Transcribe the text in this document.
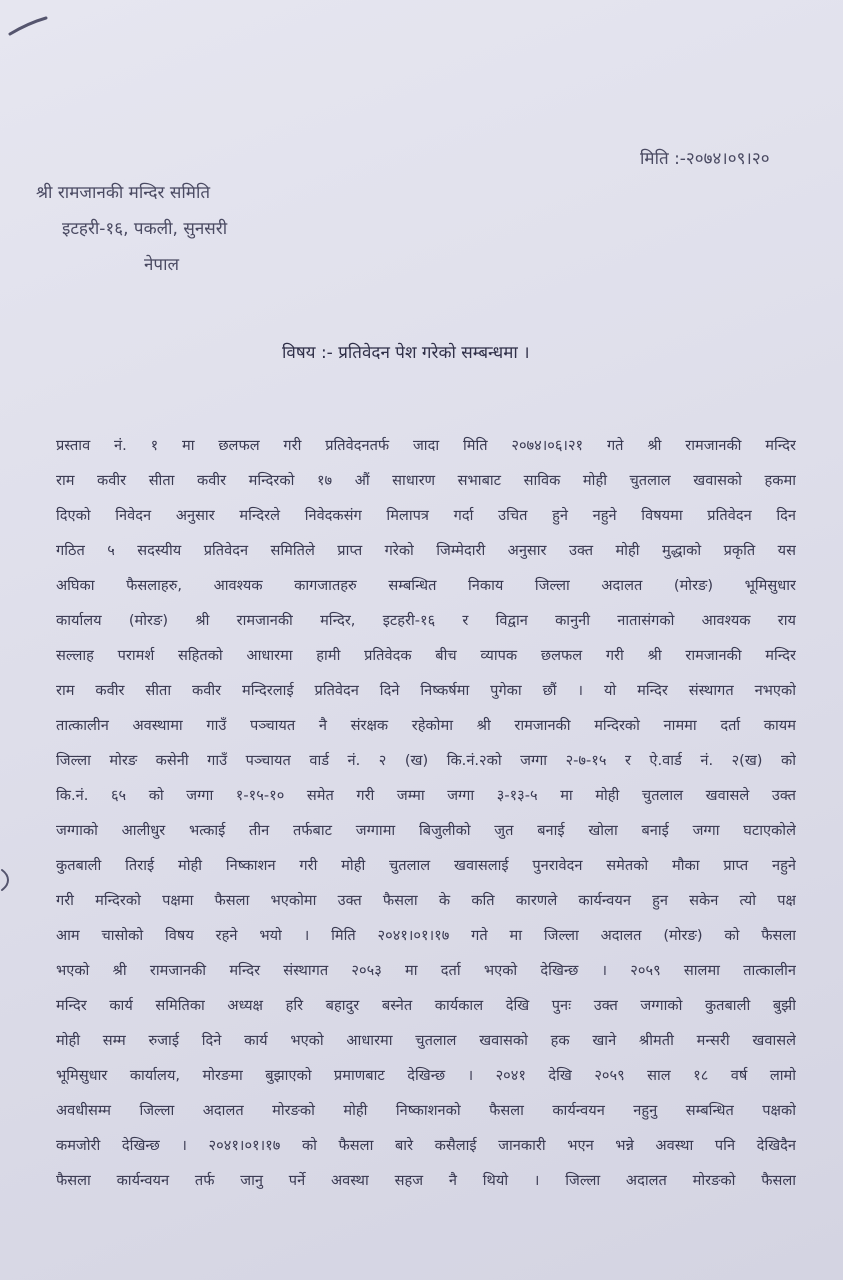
मिति :-२०७४।०९।२०
श्री रामजानकी मन्दिर समिति
इटहरी-१६, पकली, सुनसरी
नेपाल
विषय :- प्रतिवेदन पेश गरेको सम्बन्धमा ।
प्रस्ताव नं. १ मा छलफल गरी प्रतिवेदनतर्फ जादा मिति २०७४।०६।२१ गते श्री रामजानकी मन्दिर
राम कवीर सीता कवीर मन्दिरको १७ औं साधारण सभाबाट साविक मोही चुतलाल खवासको हकमा
दिएको निवेदन अनुसार मन्दिरले निवेदकसंग मिलापत्र गर्दा उचित हुने नहुने विषयमा प्रतिवेदन दिन
गठित ५ सदस्यीय प्रतिवेदन समितिले प्राप्त गरेको जिम्मेदारी अनुसार उक्त मोही मुद्धाको प्रकृति यस
अघिका फैसलाहरु, आवश्यक कागजातहरु सम्बन्धित निकाय जिल्ला अदालत (मोरङ) भूमिसुधार
कार्यालय (मोरङ) श्री रामजानकी मन्दिर, इटहरी-१६ र विद्वान कानुनी नातासंगको आवश्यक राय
सल्लाह परामर्श सहितको आधारमा हामी प्रतिवेदक बीच व्यापक छलफल गरी श्री रामजानकी मन्दिर
राम कवीर सीता कवीर मन्दिरलाई प्रतिवेदन दिने निष्कर्षमा पुगेका छौं । यो मन्दिर संस्थागत नभएको
तात्कालीन अवस्थामा गाउँ पञ्चायत नै संरक्षक रहेकोमा श्री रामजानकी मन्दिरको नाममा दर्ता कायम
जिल्ला मोरङ कसेनी गाउँ पञ्चायत वार्ड नं. २ (ख) कि.नं.२को जग्गा २-७-१५ र ऐ.वार्ड नं. २(ख) को
कि.नं. ६५ को जग्गा १-१५-१० समेत गरी जम्मा जग्गा ३-१३-५ मा मोही चुतलाल खवासले उक्त
जग्गाको आलीधुर भत्काई तीन तर्फबाट जग्गामा बिजुलीको जुत बनाई खोला बनाई जग्गा घटाएकोले
कुतबाली तिराई मोही निष्काशन गरी मोही चुतलाल खवासलाई पुनरावेदन समेतको मौका प्राप्त नहुने
गरी मन्दिरको पक्षमा फैसला भएकोमा उक्त फैसला के कति कारणले कार्यन्वयन हुन सकेन त्यो पक्ष
आम चासोको विषय रहने भयो । मिति २०४१।०१।१७ गते मा जिल्ला अदालत (मोरङ) को फैसला
भएको श्री रामजानकी मन्दिर संस्थागत २०५३ मा दर्ता भएको देखिन्छ । २०५९ सालमा तात्कालीन
मन्दिर कार्य समितिका अध्यक्ष हरि बहादुर बस्नेत कार्यकाल देखि पुनः उक्त जग्गाको कुतबाली बुझी
मोही सम्म रुजाई दिने कार्य भएको आधारमा चुतलाल खवासको हक खाने श्रीमती मन्सरी खवासले
भूमिसुधार कार्यालय, मोरङमा बुझाएको प्रमाणबाट देखिन्छ । २०४१ देखि २०५९ साल १८ वर्ष लामो
अवधीसम्म जिल्ला अदालत मोरङको मोही निष्काशनको फैसला कार्यन्वयन नहुनु सम्बन्धित पक्षको
कमजोरी देखिन्छ । २०४१।०१।१७ को फैसला बारे कसैलाई जानकारी भएन भन्ने अवस्था पनि देखिदैन
फैसला कार्यन्वयन तर्फ जानु पर्ने अवस्था सहज नै थियो । जिल्ला अदालत मोरङको फैसला
